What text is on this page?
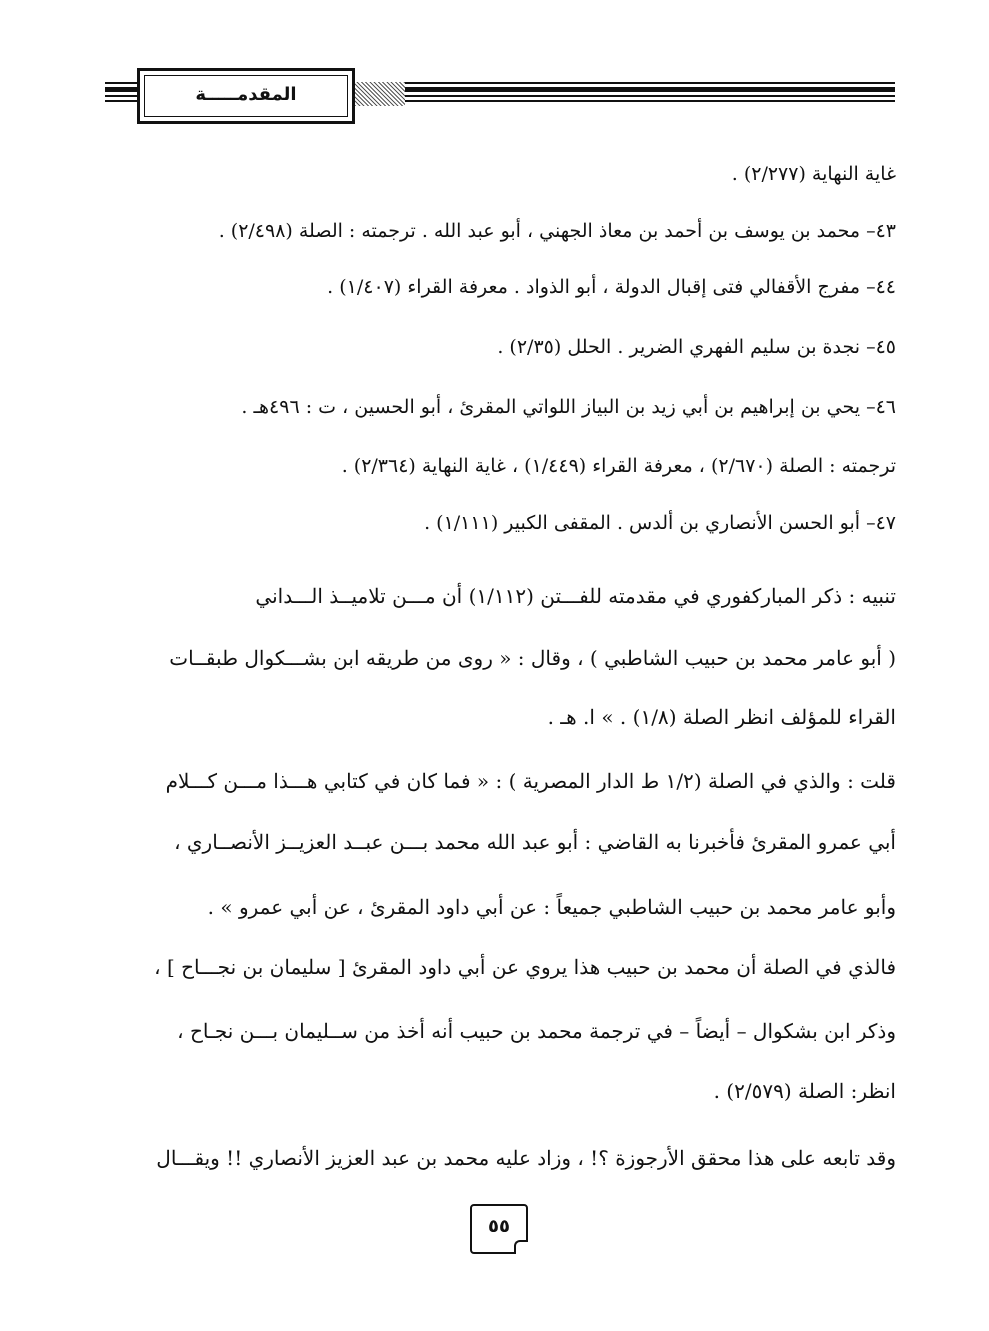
المقدمـــــة
غاية النهاية (٢/٢٧٧) .
٤٣– محمد بن يوسف بن أحمد بن معاذ الجهني ، أبو عبد الله . ترجمته : الصلة (٢/٤٩٨) .
٤٤– مفرج الأقفالي فتى إقبال الدولة ، أبو الذواد . معرفة القراء (١/٤٠٧) .
٤٥– نجدة بن سليم الفهري الضرير . الحلل (٢/٣٥) .
٤٦– يحي بن إبراهيم بن أبي زيد بن البياز اللواتي المقرئ ، أبو الحسين ، ت : ٤٩٦هـ .
ترجمته : الصلة (٢/٦٧٠) ، معرفة القراء (١/٤٤٩) ، غاية النهاية (٢/٣٦٤) .
٤٧– أبو الحسن الأنصاري بن ألدس . المقفى الكبير (١/١١١) .
تنبيه : ذكر المباركفوري في مقدمته للفـــتن (١/١١٢) أن مـــن تلاميــذ الـــداني
( أبو عامر محمد بن حبيب الشاطبي ) ، وقال : « روى من طريقه ابن بشـــكوال طبقــات
القراء للمؤلف انظر الصلة (١/٨) . » ا. هـ .
قلت : والذي في الصلة (١/٢ ط الدار المصرية ) : « فما كان في كتابي هـــذا مـــن كـــلام
أبي عمرو المقرئ فأخبرنا به القاضي : أبو عبد الله محمد بـــن عبــد العزيــز الأنصــاري ،
وأبو عامر محمد بن حبيب الشاطبي جميعاً : عن أبي داود المقرئ ، عن أبي عمرو » .
فالذي في الصلة أن محمد بن حبيب هذا يروي عن أبي داود المقرئ [ سليمان بن نجـــاح ] ،
وذكر ابن بشكوال – أيضاً – في ترجمة محمد بن حبيب أنه أخذ من ســليمان بـــن نجـاح ،
انظر: الصلة (٢/٥٧٩) .
وقد تابعه على هذا محقق الأرجوزة ؟! ، وزاد عليه محمد بن عبد العزيز الأنصاري !! ويقـــال
٥٥
